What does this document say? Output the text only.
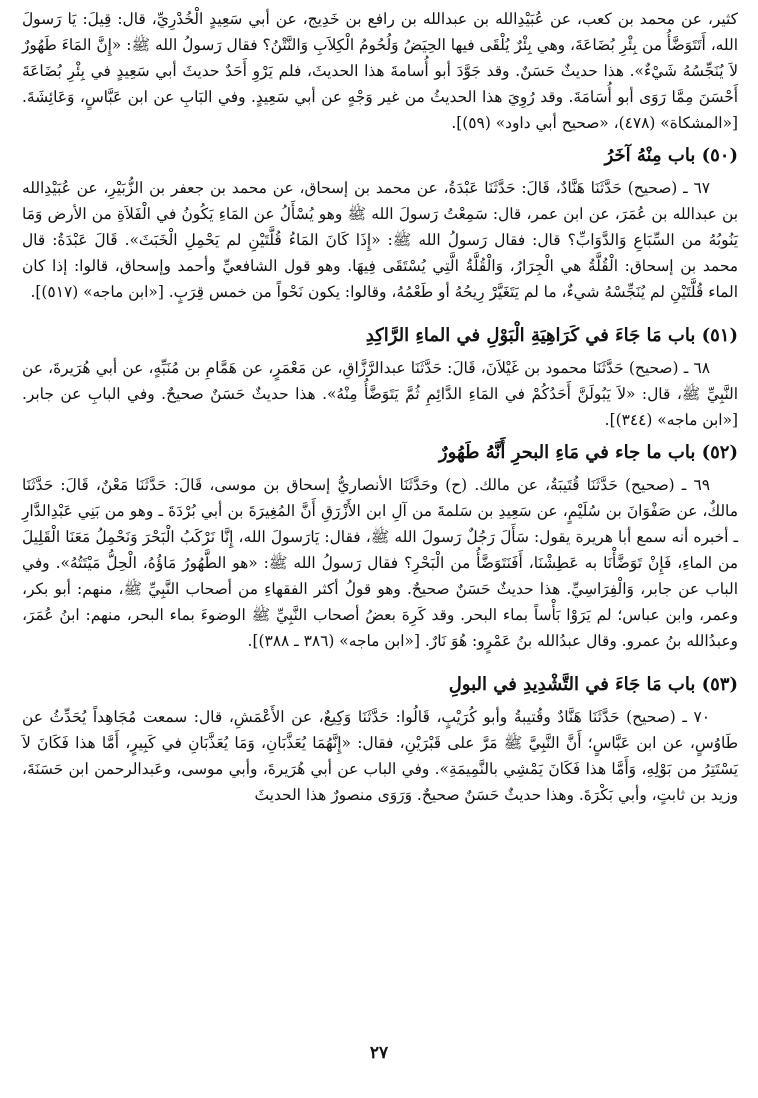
كثير، عن محمد بن كعب، عن عُبَيْدِالله بن عبدالله بن رافع بن خَدِيج، عن أبي سَعِيدٍ الْخُدْرِيِّ، قال: قِيلَ: يَا رَسولَ الله، أَتَتَوَضَّأُ من بِئْرِ بُضَاعَةَ، وهي بِئْرٌ يُلْقَى فيها الحِيَضُ وَلُحُومُ الْكِلاَبِ وَالنَّتْنُ؟ فقال رَسولُ الله ﷺ: «إِنَّ المَاءَ طَهُورٌ لاَ يُنَجِّسُهُ شَيْءٌ». هذا حديثٌ حَسَنٌ. وقد جَوَّدَ أبو أُسامةَ هذا الحديثَ، فلم يَرْوِ أَحَدٌ حديثَ أبي سَعِيدٍ في بِئْرِ بُضَاعَةَ أَحْسَنَ مِمَّا رَوَى أبو أُسَامَةَ. وقد رُوِيَ هذا الحديثُ من غير وَجْهٍ عن أبي سَعِيدٍ. وفي البَابِ عن ابن عَبَّاسٍ، وَعَائِشَةَ. [«المشكاة» (٤٧٨)، «صحيح أبي داود» (٥٩)].

(٥٠) باب مِنْهُ آخَرُ

٦٧ ـ (صحيح) حَدَّثَنَا هَنَّادٌ، قَالَ: حَدَّثَنَا عَبْدَةُ، عن محمد بن إسحاق، عن محمد بن جعفر بن الزُّبَيْرِ، عن عُبَيْدِالله بن عبدالله بن عُمَرَ، عن ابن عمر، قال: سَمِعْتُ رَسولَ الله ﷺ وهو يُسْأَلُ عن المَاءِ يَكُونُ في الْفَلاَةِ من الأرض وَمَا يَنُوبُهُ من السِّبَاعِ وَالدَّوَابِّ؟ قال: فقال رَسولُ الله ﷺ: «إِذَا كَانَ المَاءُ قُلَّتَيْنِ لم يَحْمِلِ الْخَبَثَ». قَالَ عَبْدَةُ: قال محمد بن إسحاق: الْقُلَّةُ هي الْجِرَارُ، وَالْقُلَّةُ الَّتِي يُسْتَقَى فِيهَا. وهو قول الشافعيِّ وأحمد وإسحاق، قالوا: إذا كان الماء قُلَّتَيْنِ لم يُنَجِّسْهُ شيءٌ، ما لم يَتَغَيَّرْ رِيحُهُ أو طَعْمُهُ، وقالوا: يكون نَحْواً من خمس قِرَبٍ. [«ابن ماجه» (٥١٧)].

(٥١) باب مَا جَاءَ في كَرَاهِيَةِ الْبَوْلِ في الماءِ الرَّاكِدِ

٦٨ ـ (صحيح) حَدَّثَنَا محمود بن غَيْلاَنَ، قَالَ: حَدَّثَنَا عبدالرَّزَّاقِ، عن مَعْمَرٍ، عن هَمَّامِ بن مُنَبِّهٍ، عن أبي هُرَيرةَ، عن النَّبِيِّ ﷺ، قال: «لاَ يَبُولَنَّ أَحَدُكُمْ في المَاءِ الدَّائِمِ ثُمَّ يَتَوَضَّأُ مِنْهُ». هذا حديثٌ حَسَنٌ صحيحٌ. وفي البابِ عن جابر. [«ابن ماجه» (٣٤٤)].

(٥٢) باب ما جاء في مَاءِ البحرِ أَنَّهُ طَهُورٌ

٦٩ ـ (صحيح) حَدَّثَنَا قُتَيبَةُ، عن مالك. (ح) وحَدَّثَنَا الأنصاريُّ إسحاق بن موسى، قَالَ: حَدَّثَنَا مَعْنٌ، قَالَ: حَدَّثَنَا مالكٌ، عن صَفْوَانَ بن سُلَيْمٍ، عن سَعِيدِ بن سَلمةَ من آلِ ابن الأَزْرَقِ أَنَّ المُغِيرَةَ بن أبي بُرْدَةَ ـ وهو من بَنِي عَبْدِالدَّارِ ـ أخبره أنه سمع أبا هريرة يقول: سَأَلَ رَجُلٌ رَسولَ الله ﷺ، فقال: يَارَسولَ الله، إِنَّا نَرْكَبُ الْبَحْرَ وَنَحْمِلُ مَعَنَا الْقَلِيلَ من الماءِ، فَإِنْ تَوَضَّأْنَا به عَطِشْنَا، أَفَنَتَوَضَّأُ من الْبَحْرِ؟ فقال رَسولُ الله ﷺ: «هو الطَّهُورُ مَاؤُهُ، الْحِلُّ مَيْتَتُهُ». وفي الباب عن جابر، وَالْفِرَاسِيِّ. هذا حديثٌ حَسَنٌ صحيحٌ. وهو قولُ أكثر الفقهاءِ من أصحاب النَّبِيِّ ﷺ، منهم: أبو بكر، وعمر، وابن عباس؛ لم يَرَوْا بَأْساً بماء البحر. وقد كَرِهَ بعضُ أصحاب النَّبِيِّ ﷺ الوضوءَ بماء البحر، منهم: ابنُ عُمَرَ، وعبدُالله بنُ عمرو. وقال عبدُالله بنُ عَمْرٍو: هُوَ نَارٌ. [«ابن ماجه» (٣٨٦ ـ ٣٨٨)].

(٥٣) باب مَا جَاءَ في التَّشْدِيدِ في البولِ

٧٠ ـ (صحيح) حَدَّثَنَا هَنَّادٌ وقُتيبةُ وأبو كُرَيْبٍ، قَالُوا: حَدَّثَنَا وَكِيعٌ، عن الأَعْمَشِ، قال: سمعت مُجَاهِداً يُحَدِّثُ عن طَاوُسٍ، عن ابن عَبَّاسٍ؛ أَنَّ النَّبِيَّ ﷺ مَرَّ على قَبْرَيْنِ، فقال: «إِنَّهُمَا يُعَذَّبَانِ، وَمَا يُعَذَّبَانِ في كَبِيرٍ، أَمَّا هذا فَكَانَ لاَ يَسْتَتِرُ من بَوْلِهِ، وَأَمَّا هذا فَكَانَ يَمْشِي بالنَّمِيمَةِ». وفي الباب عن أبي هُرَيرةَ، وأبي موسى، وعَبدالرحمن ابن حَسَنَةَ، وزيد بن ثابتٍ، وأبي بَكْرَةَ. وهذا حديثٌ حَسَنٌ صحيحٌ. وَرَوَى منصورٌ هذا الحديثَ

٢٧
